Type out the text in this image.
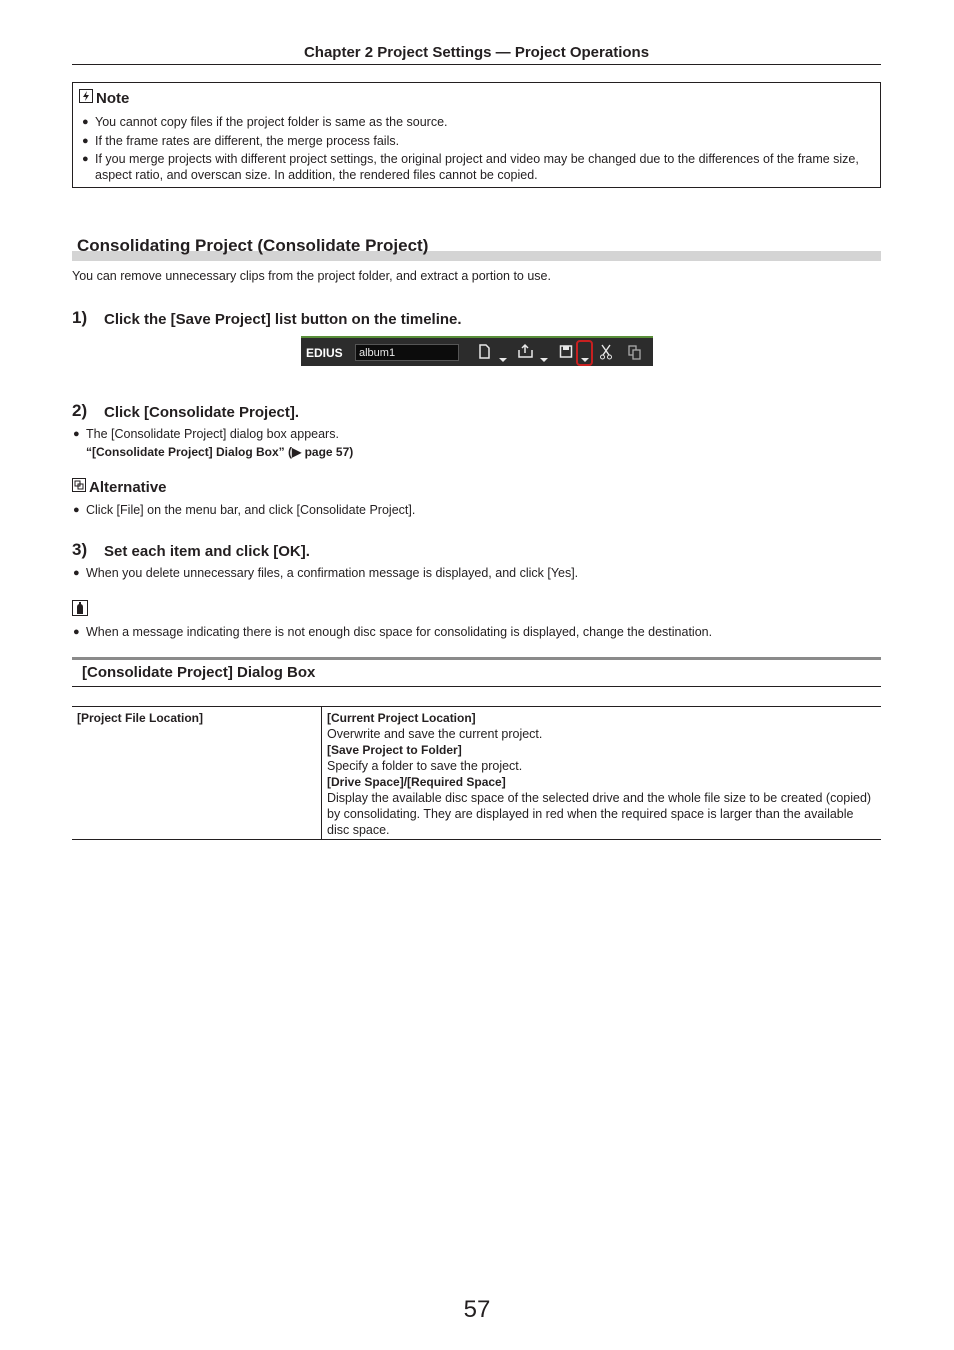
Chapter 2 Project Settings — Project Operations
Note
● You cannot copy files if the project folder is same as the source.
● If the frame rates are different, the merge process fails.
● If you merge projects with different project settings, the original project and video may be changed due to the differences of the frame size, aspect ratio, and overscan size. In addition, the rendered files cannot be copied.
Consolidating Project (Consolidate Project)
You can remove unnecessary clips from the project folder, and extract a portion to use.
1) Click the [Save Project] list button on the timeline.
EDIUS	album1
2) Click [Consolidate Project].
● The [Consolidate Project] dialog box appears.
“[Consolidate Project] Dialog Box” (▶ page 57)
Alternative
● Click [File] on the menu bar, and click [Consolidate Project].
3) Set each item and click [OK].
● When you delete unnecessary files, a confirmation message is displayed, and click [Yes].
● When a message indicating there is not enough disc space for consolidating is displayed, change the destination.
[Consolidate Project] Dialog Box
[Project File Location]	[Current Project Location]
Overwrite and save the current project.
[Save Project to Folder]
Specify a folder to save the project.
[Drive Space]/[Required Space]
Display the available disc space of the selected drive and the whole file size to be created (copied) by consolidating. They are displayed in red when the required space is larger than the available disc space.
57
